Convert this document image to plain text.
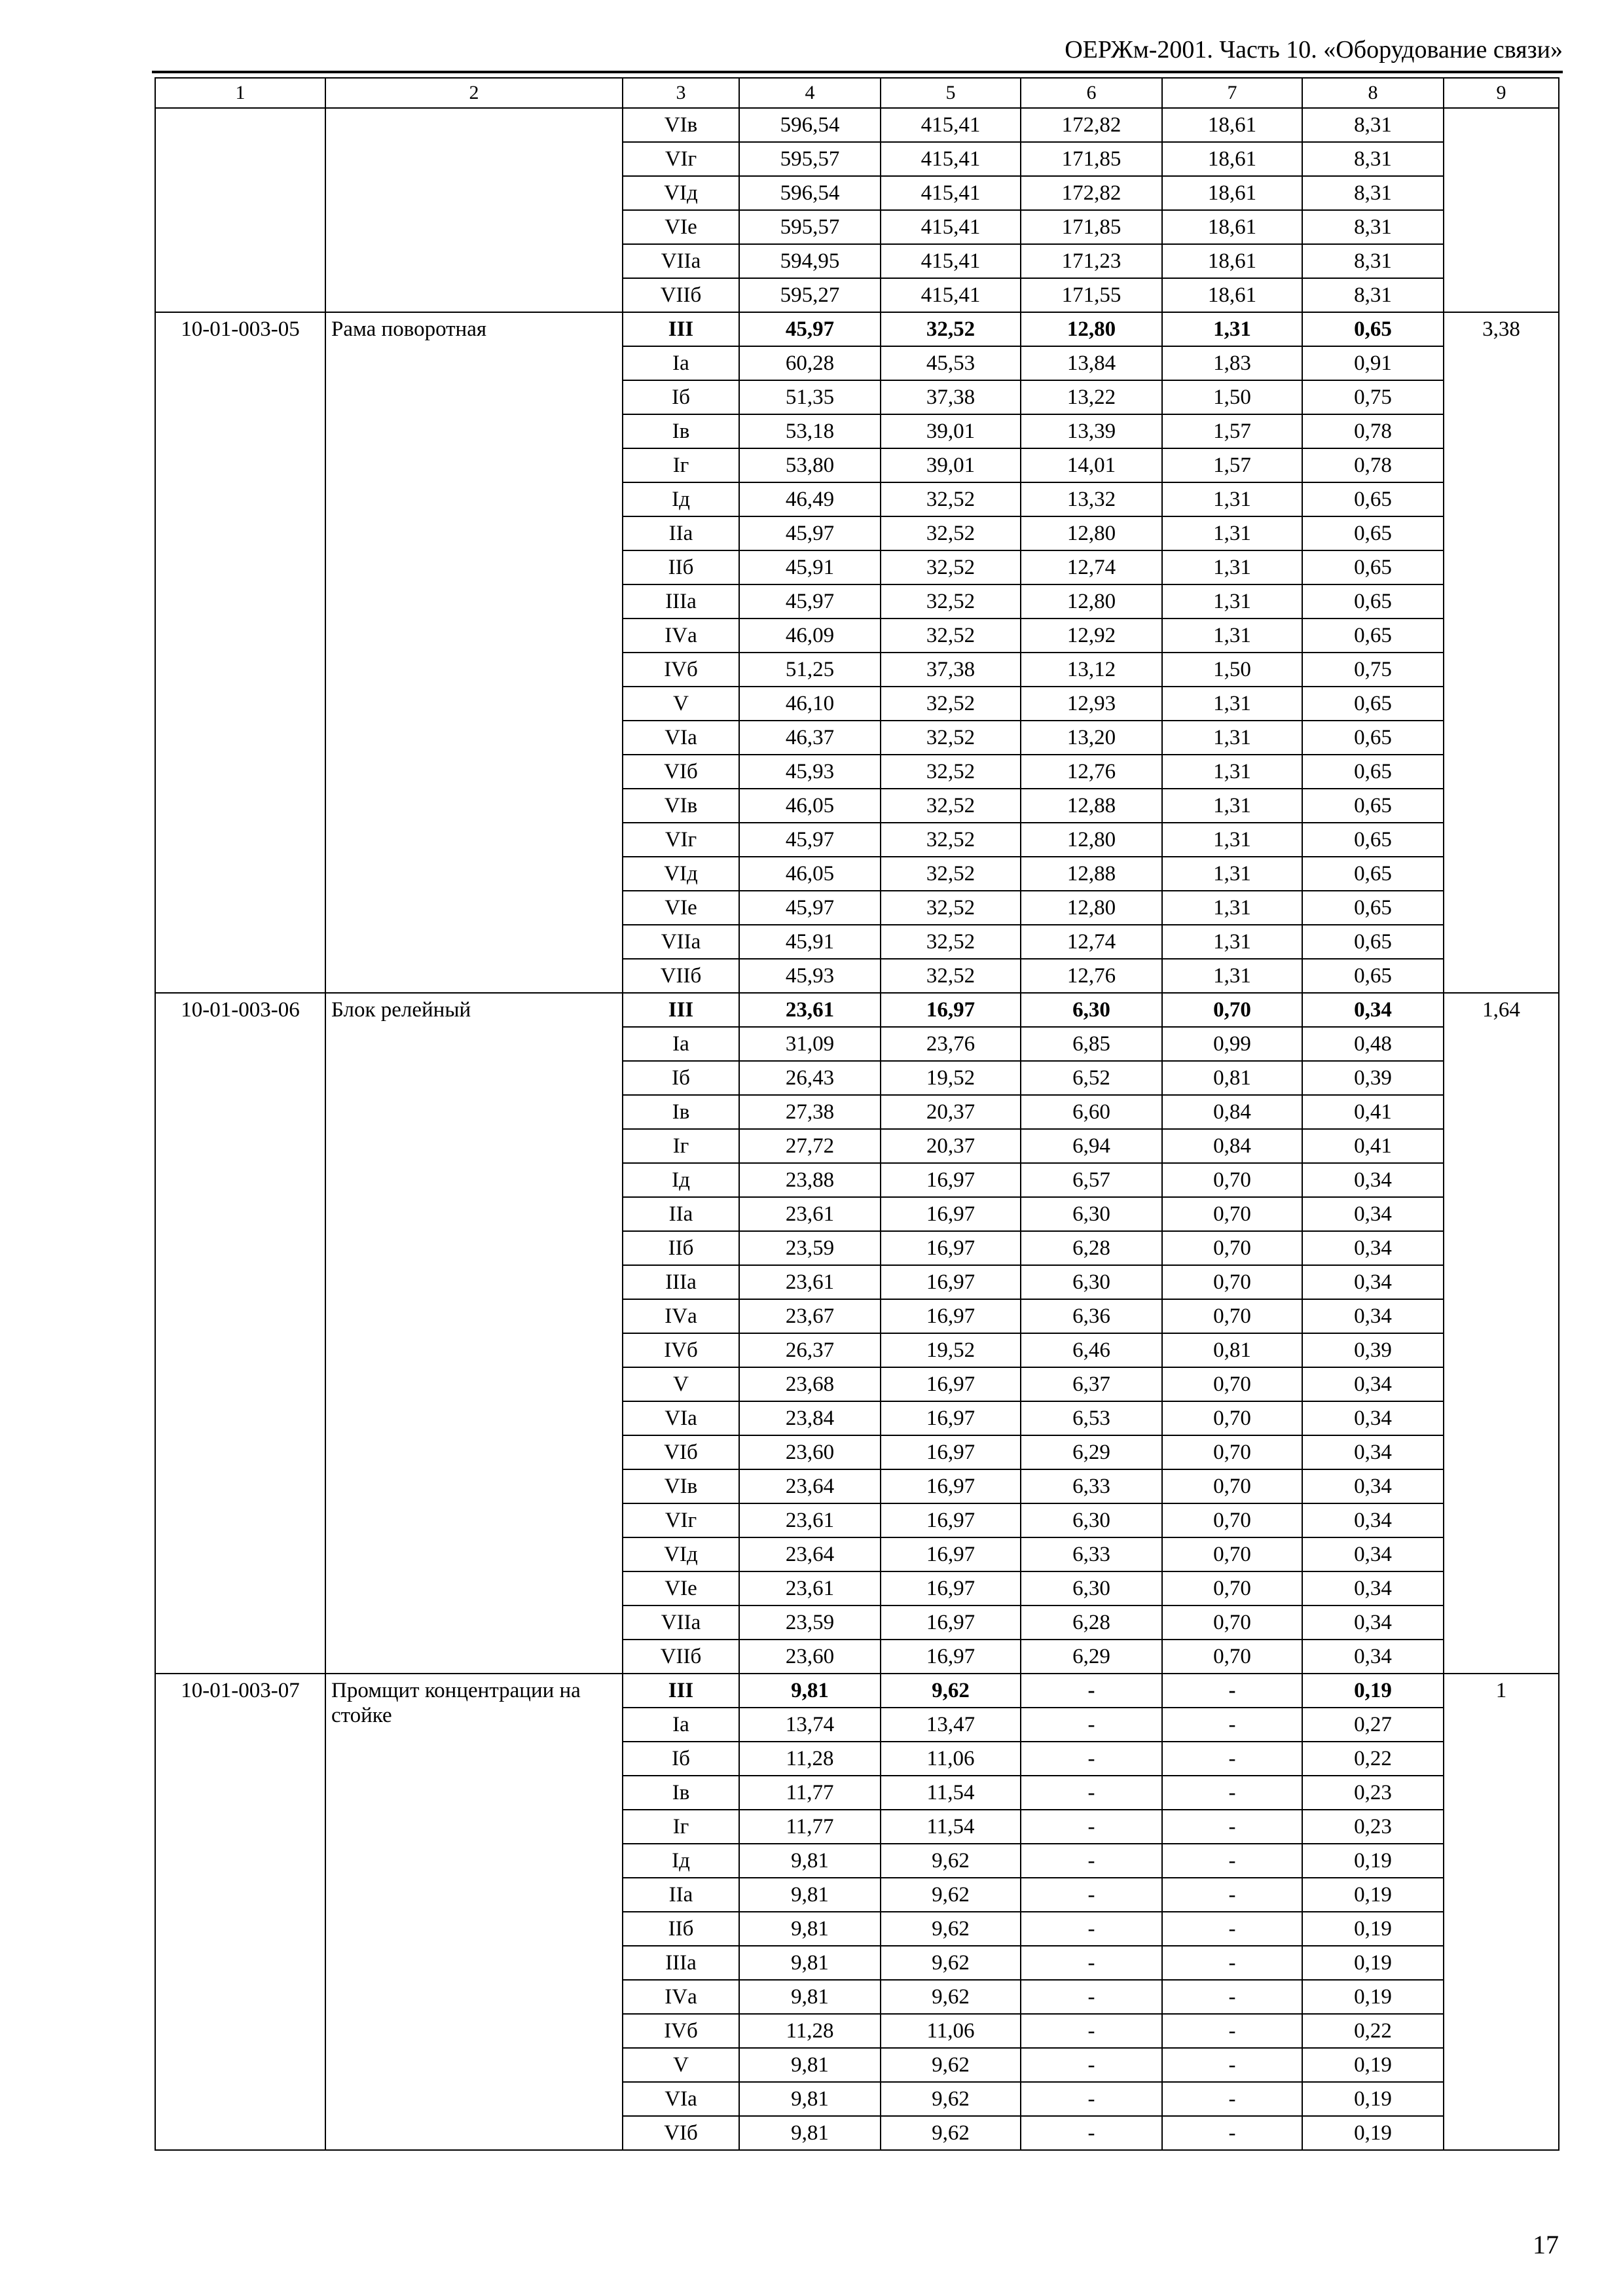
ОЕРЖм-2001. Часть 10. «Оборудование связи»
1	2	3	4	5	6	7	8	9
		VIв	596,54	415,41	172,82	18,61	8,31	
		VIг	595,57	415,41	171,85	18,61	8,31	
		VIд	596,54	415,41	172,82	18,61	8,31	
		VIе	595,57	415,41	171,85	18,61	8,31	
		VIIа	594,95	415,41	171,23	18,61	8,31	
		VIIб	595,27	415,41	171,55	18,61	8,31	
10-01-003-05	Рама поворотная	III	45,97	32,52	12,80	1,31	0,65	3,38
		Iа	60,28	45,53	13,84	1,83	0,91	
		Iб	51,35	37,38	13,22	1,50	0,75	
		Iв	53,18	39,01	13,39	1,57	0,78	
		Iг	53,80	39,01	14,01	1,57	0,78	
		Iд	46,49	32,52	13,32	1,31	0,65	
		IIа	45,97	32,52	12,80	1,31	0,65	
		IIб	45,91	32,52	12,74	1,31	0,65	
		IIIа	45,97	32,52	12,80	1,31	0,65	
		IVа	46,09	32,52	12,92	1,31	0,65	
		IVб	51,25	37,38	13,12	1,50	0,75	
		V	46,10	32,52	12,93	1,31	0,65	
		VIа	46,37	32,52	13,20	1,31	0,65	
		VIб	45,93	32,52	12,76	1,31	0,65	
		VIв	46,05	32,52	12,88	1,31	0,65	
		VIг	45,97	32,52	12,80	1,31	0,65	
		VIд	46,05	32,52	12,88	1,31	0,65	
		VIе	45,97	32,52	12,80	1,31	0,65	
		VIIа	45,91	32,52	12,74	1,31	0,65	
		VIIб	45,93	32,52	12,76	1,31	0,65	
10-01-003-06	Блок релейный	III	23,61	16,97	6,30	0,70	0,34	1,64
		Iа	31,09	23,76	6,85	0,99	0,48	
		Iб	26,43	19,52	6,52	0,81	0,39	
		Iв	27,38	20,37	6,60	0,84	0,41	
		Iг	27,72	20,37	6,94	0,84	0,41	
		Iд	23,88	16,97	6,57	0,70	0,34	
		IIа	23,61	16,97	6,30	0,70	0,34	
		IIб	23,59	16,97	6,28	0,70	0,34	
		IIIа	23,61	16,97	6,30	0,70	0,34	
		IVа	23,67	16,97	6,36	0,70	0,34	
		IVб	26,37	19,52	6,46	0,81	0,39	
		V	23,68	16,97	6,37	0,70	0,34	
		VIа	23,84	16,97	6,53	0,70	0,34	
		VIб	23,60	16,97	6,29	0,70	0,34	
		VIв	23,64	16,97	6,33	0,70	0,34	
		VIг	23,61	16,97	6,30	0,70	0,34	
		VIд	23,64	16,97	6,33	0,70	0,34	
		VIе	23,61	16,97	6,30	0,70	0,34	
		VIIа	23,59	16,97	6,28	0,70	0,34	
		VIIб	23,60	16,97	6,29	0,70	0,34	
10-01-003-07	Промщит концентрации на стойке	III	9,81	9,62	-	-	0,19	1
		Iа	13,74	13,47	-	-	0,27	
		Iб	11,28	11,06	-	-	0,22	
		Iв	11,77	11,54	-	-	0,23	
		Iг	11,77	11,54	-	-	0,23	
		Iд	9,81	9,62	-	-	0,19	
		IIа	9,81	9,62	-	-	0,19	
		IIб	9,81	9,62	-	-	0,19	
		IIIа	9,81	9,62	-	-	0,19	
		IVа	9,81	9,62	-	-	0,19	
		IVб	11,28	11,06	-	-	0,22	
		V	9,81	9,62	-	-	0,19	
		VIа	9,81	9,62	-	-	0,19	
		VIб	9,81	9,62	-	-	0,19	
17
